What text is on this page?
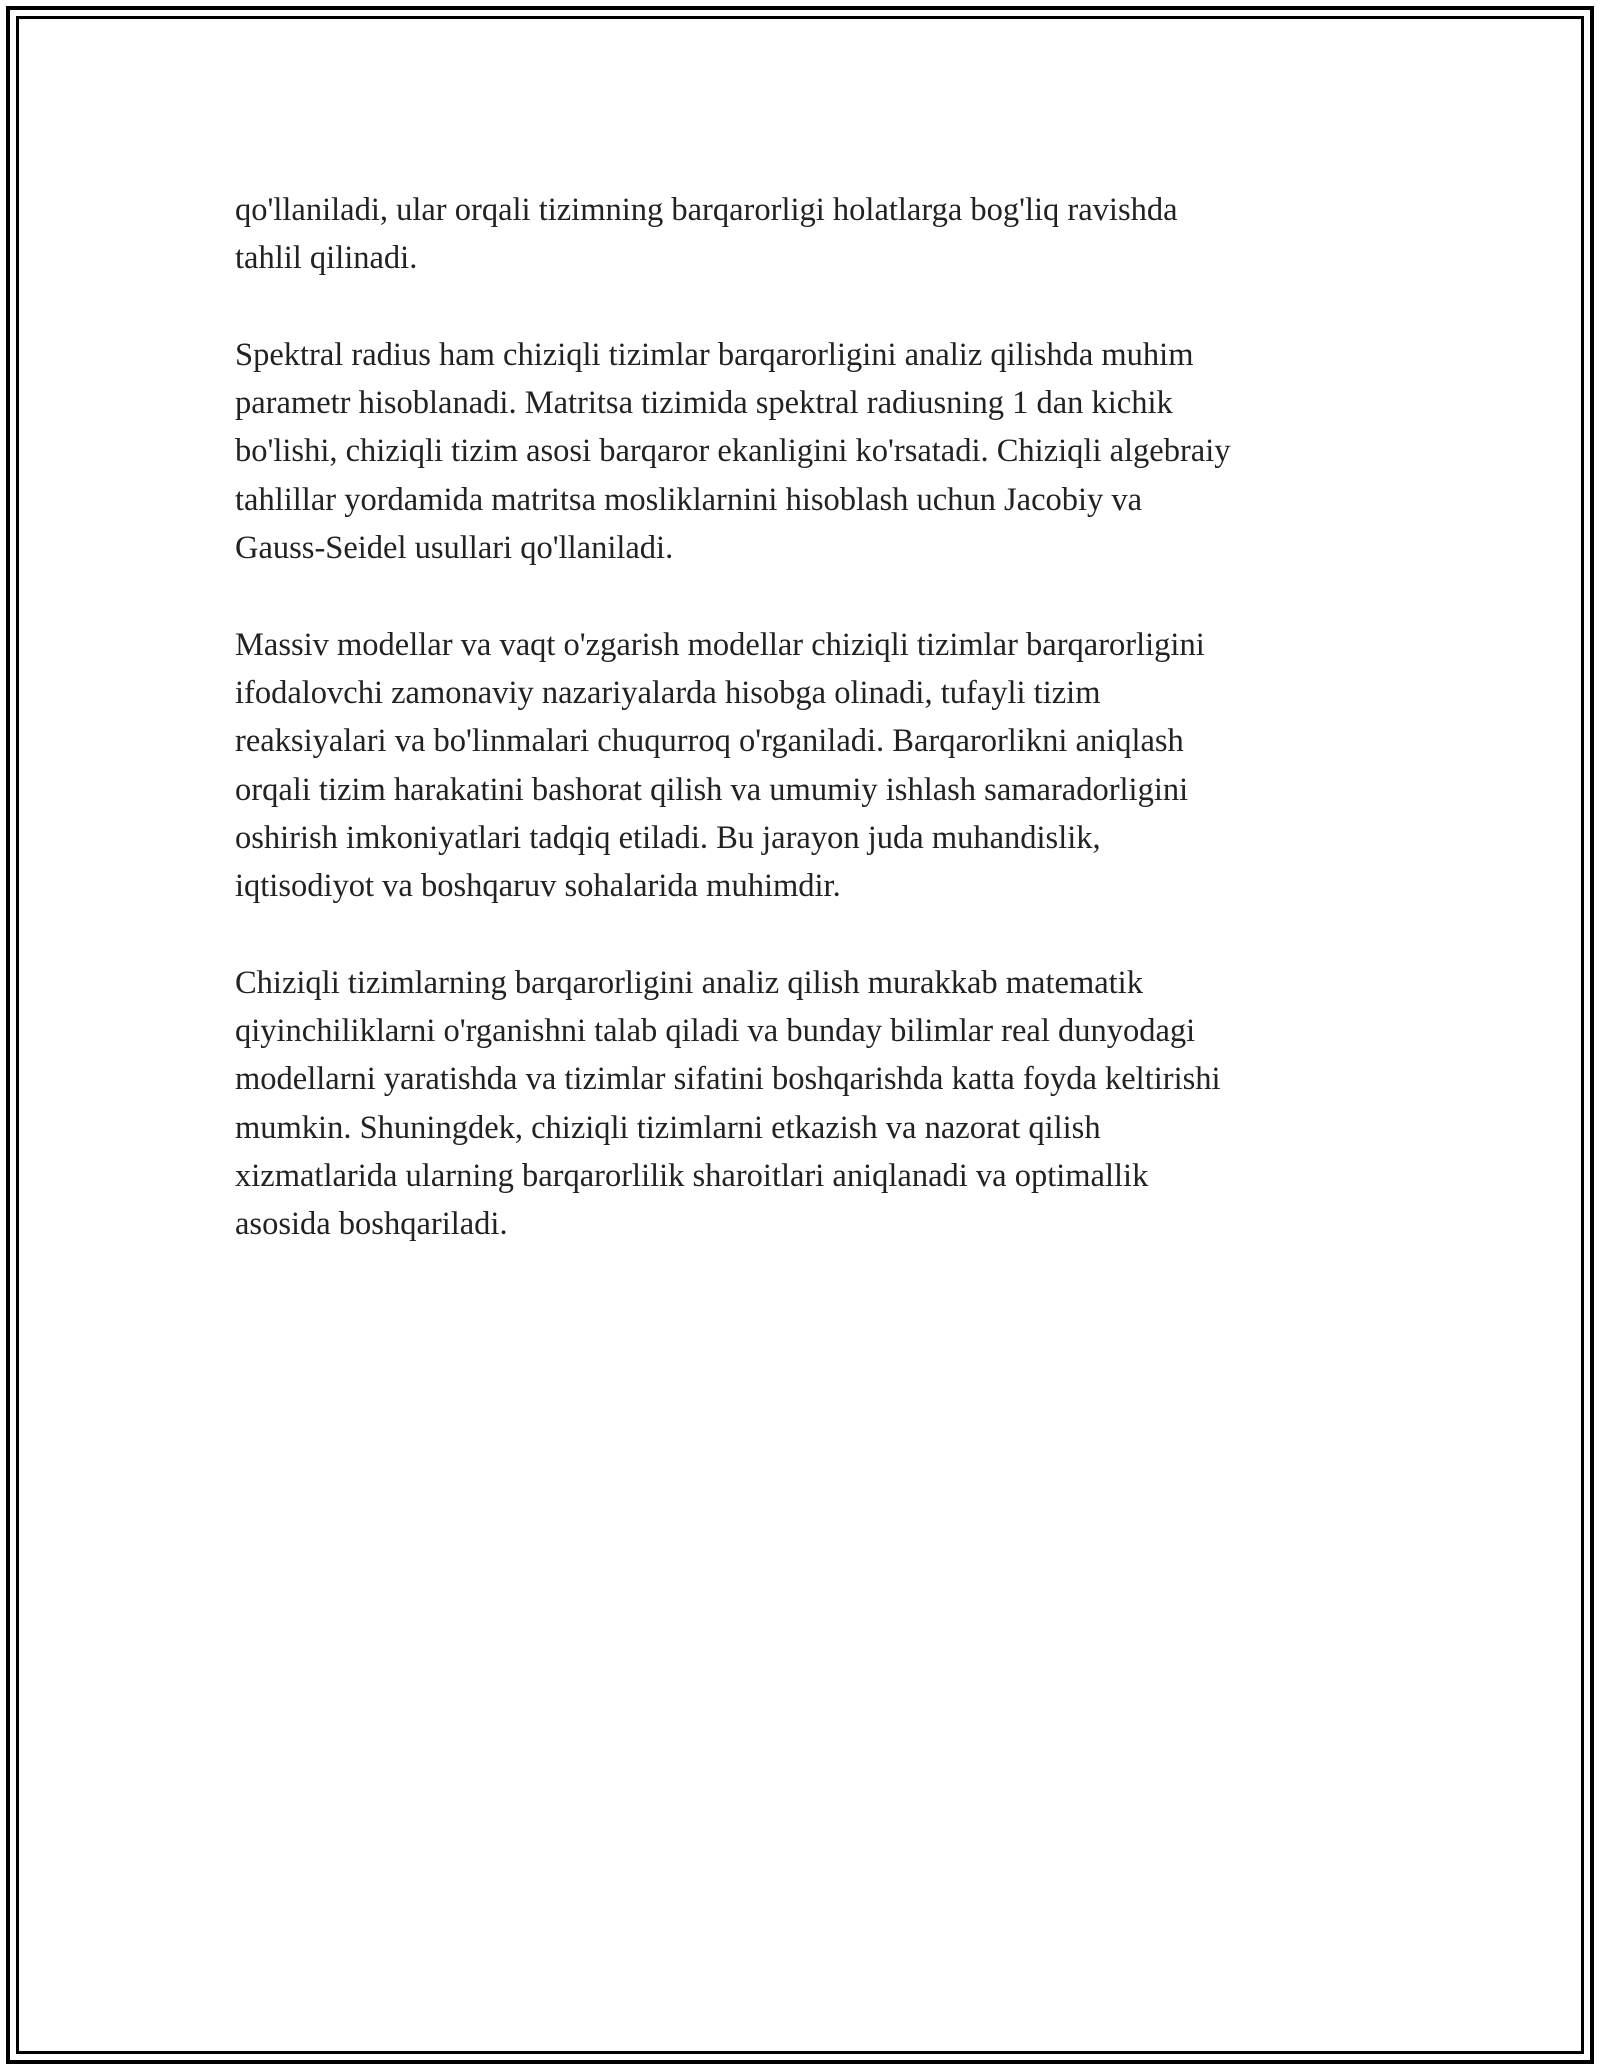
qo'llaniladi, ular orqali tizimning barqarorligi holatlarga bog'liq ravishda
tahlil qilinadi.

Spektral radius ham chiziqli tizimlar barqarorligini analiz qilishda muhim
parametr hisoblanadi. Matritsa tizimida spektral radiusning 1 dan kichik
bo'lishi, chiziqli tizim asosi barqaror ekanligini ko'rsatadi. Chiziqli algebraiy
tahlillar yordamida matritsa mosliklarnini hisoblash uchun Jacobiy va
Gauss-Seidel usullari qo'llaniladi.

Massiv modellar va vaqt o'zgarish modellar chiziqli tizimlar barqarorligini
ifodalovchi zamonaviy nazariyalarda hisobga olinadi, tufayli tizim
reaksiyalari va bo'linmalari chuqurroq o'rganiladi. Barqarorlikni aniqlash
orqali tizim harakatini bashorat qilish va umumiy ishlash samaradorligini
oshirish imkoniyatlari tadqiq etiladi. Bu jarayon juda muhandislik,
iqtisodiyot va boshqaruv sohalarida muhimdir.

Chiziqli tizimlarning barqarorligini analiz qilish murakkab matematik
qiyinchiliklarni o'rganishni talab qiladi va bunday bilimlar real dunyodagi
modellarni yaratishda va tizimlar sifatini boshqarishda katta foyda keltirishi
mumkin. Shuningdek, chiziqli tizimlarni etkazish va nazorat qilish
xizmatlarida ularning barqarorlilik sharoitlari aniqlanadi va optimallik
asosida boshqariladi.
